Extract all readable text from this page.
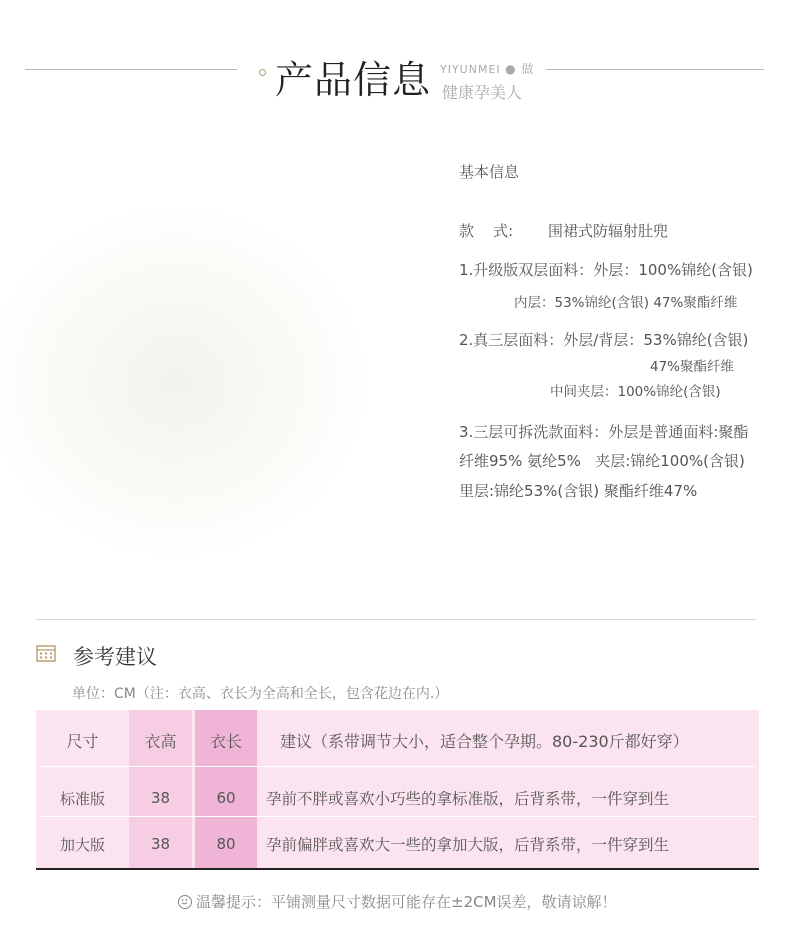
产品信息 YIYUNMEI ● 做
健康孕美人
基本信息
款    式: 围裙式防辐射肚兜
1.升级版双层面料：外层：100%锦纶(含银)
内层：53%锦纶(含银) 47%聚酯纤维
2.真三层面料：外层/背层：53%锦纶(含银)
47%聚酯纤维
中间夹层：100%锦纶(含银)
3.三层可拆洗款面料：外层是普通面料:聚酯
纤维95% 氨纶5%   夹层:锦纶100%(含银)
里层:锦纶53%(含银) 聚酯纤维47%
参考建议
单位：CM（注：衣高、衣长为全高和全长，包含花边在内.）
尺寸	衣高	衣长	建议（系带调节大小，适合整个孕期。80-230斤都好穿）
标准版	38	60	孕前不胖或喜欢小巧些的拿标准版，后背系带，一件穿到生
加大版	38	80	孕前偏胖或喜欢大一些的拿加大版，后背系带，一件穿到生
温馨提示：平铺测量尺寸数据可能存在±2CM误差，敬请谅解！
